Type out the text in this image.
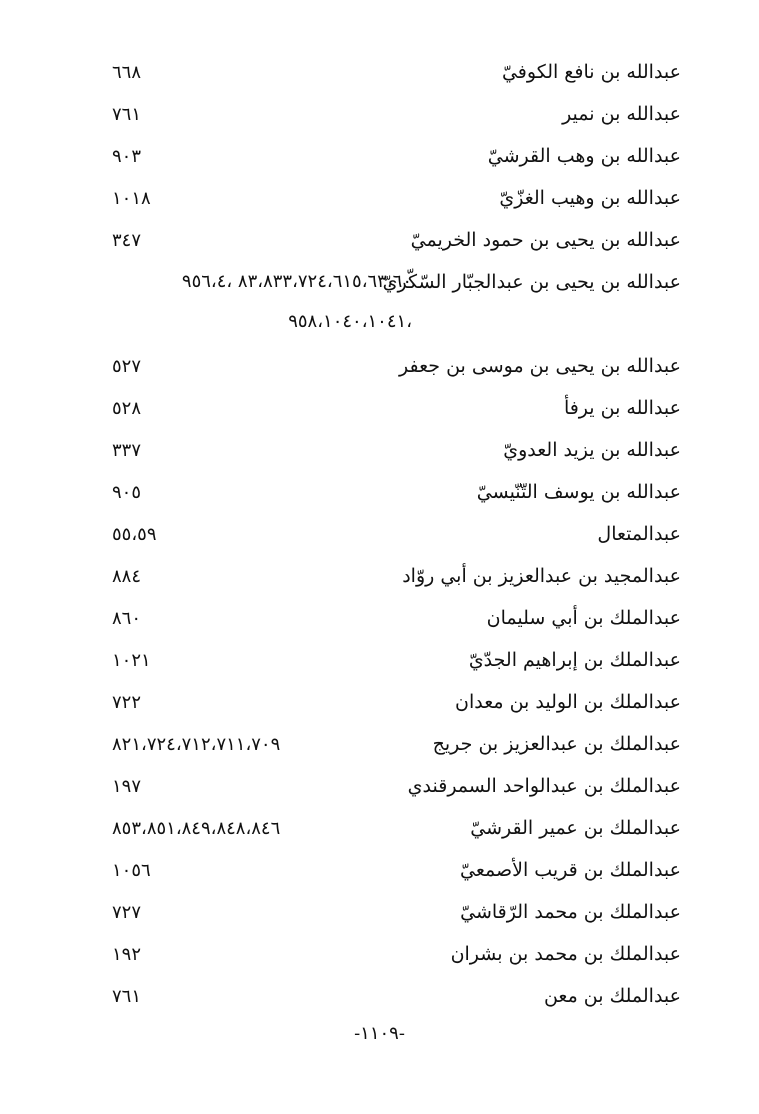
عبدالله بن نافع الكوفيّ
٦٦٨
عبدالله بن نمير
٧٦١
عبدالله بن وهب القرشيّ
٩٠٣
عبدالله بن وهيب الغزّيّ
١٠١٨
عبدالله بن يحيى بن حمود الخريميّ
٣٤٧
عبدالله بن يحيى بن عبدالجبّار السّكّريّ
٨٣،٨٣٣،٧٢٤،٦١٥،٦٣،٦٠ ،٩٥٦،٤ ،٩٥٨،١٠٤٠،١٠٤١
عبدالله بن يحيى بن موسى بن جعفر
٥٢٧
عبدالله بن يرفأ
٥٢٨
عبدالله بن يزيد العدويّ
٣٣٧
عبدالله بن يوسف التّنّيسيّ
٩٠٥
عبدالمتعال
٥٥،٥٩
عبدالمجيد بن عبدالعزيز بن أبي روّاد
٨٨٤
عبدالملك بن أبي سليمان
٨٦٠
عبدالملك بن إبراهيم الجدّيّ
١٠٢١
عبدالملك بن الوليد بن معدان
٧٢٢
عبدالملك بن عبدالعزيز بن جريج
٨٢١،٧٢٤،٧١٢،٧١١،٧٠٩
عبدالملك بن عبدالواحد السمرقندي
١٩٧
عبدالملك بن عمير القرشيّ
٨٥٣،٨٥١،٨٤٩،٨٤٨،٨٤٦
عبدالملك بن قريب الأصمعيّ
١٠٥٦
عبدالملك بن محمد الرّقاشيّ
٧٢٧
عبدالملك بن محمد بن بشران
١٩٢
عبدالملك بن معن
٧٦١
-١١٠٩-
